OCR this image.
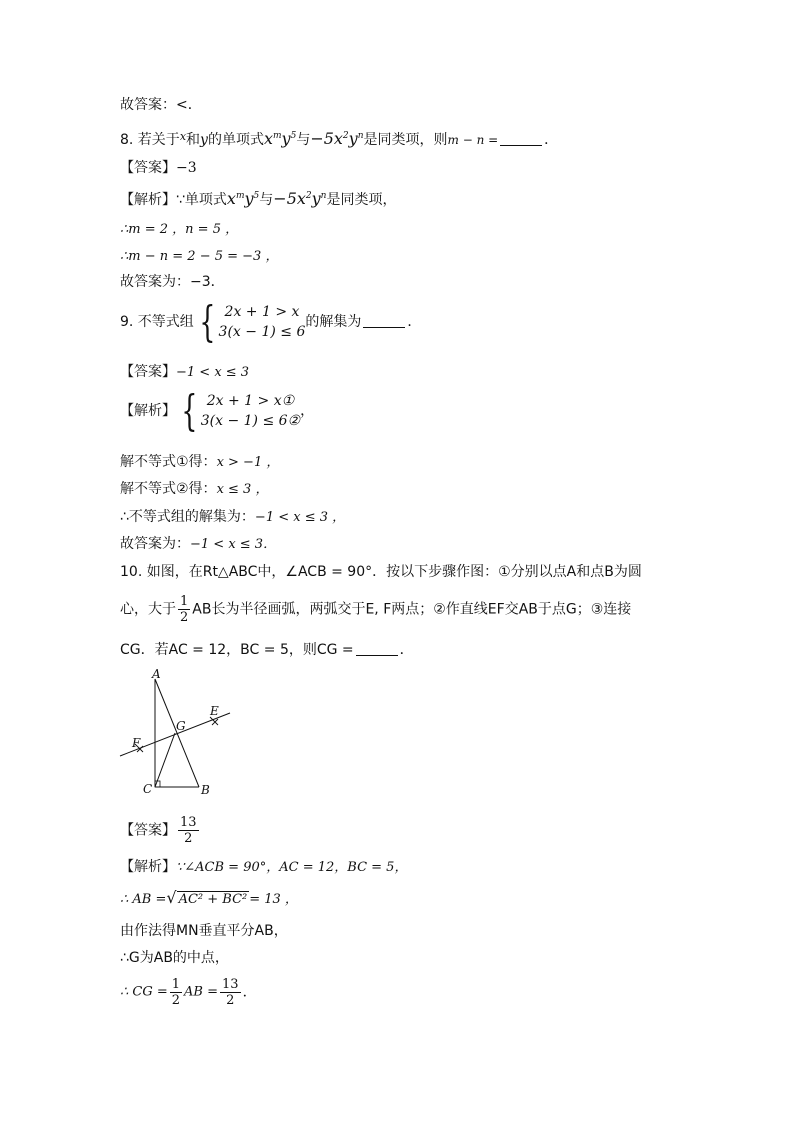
故答案：<．
8. 若关于$^x$和y的单项式$x^my^5$与$-5x^2y^n$是同类项，则m − n =	．
【答案】−3
【解析】∵单项式$x^my^5$与$-5x^2y^n$是同类项，
∴m = 2 ，n = 5 ，
∴m − n = 2 − 5 = −3 ，
故答案为：−3．
9. 不等式组 { 2x + 1 > x
3(x − 1) ≤ 6
的解集为	．
【答案】−1 < x ≤ 3
【解析】 { 2x + 1 > x①
3(x − 1) ≤ 6②
，
解不等式①得：x > −1 ，
解不等式②得：x ≤ 3 ，
∴不等式组的解集为：−1 < x ≤ 3 ，
故答案为：−1 < x ≤ 3．
10. 如图，在Rt△ABC中，∠ACB = 90°．按以下步骤作图：①分别以点A和点B为圆
心，大于 $\frac{1}{2}$ AB长为半径画弧，两弧交于E, F两点；②作直线EF交AB于点G；③连接
CG．若AC = 12，BC = 5，则CG =	．
A
B
C
E
F
G
【答案】 $\frac{13}{2}$
【解析】∵∠ACB = 90°，AC = 12，BC = 5，
∴ AB =√ AC² + BC² = 13 ，
由作法得MN垂直平分AB，
∴G为AB的中点，
∴ CG = $\frac{1}{2}$ AB = $\frac{13}{2}$ ．
